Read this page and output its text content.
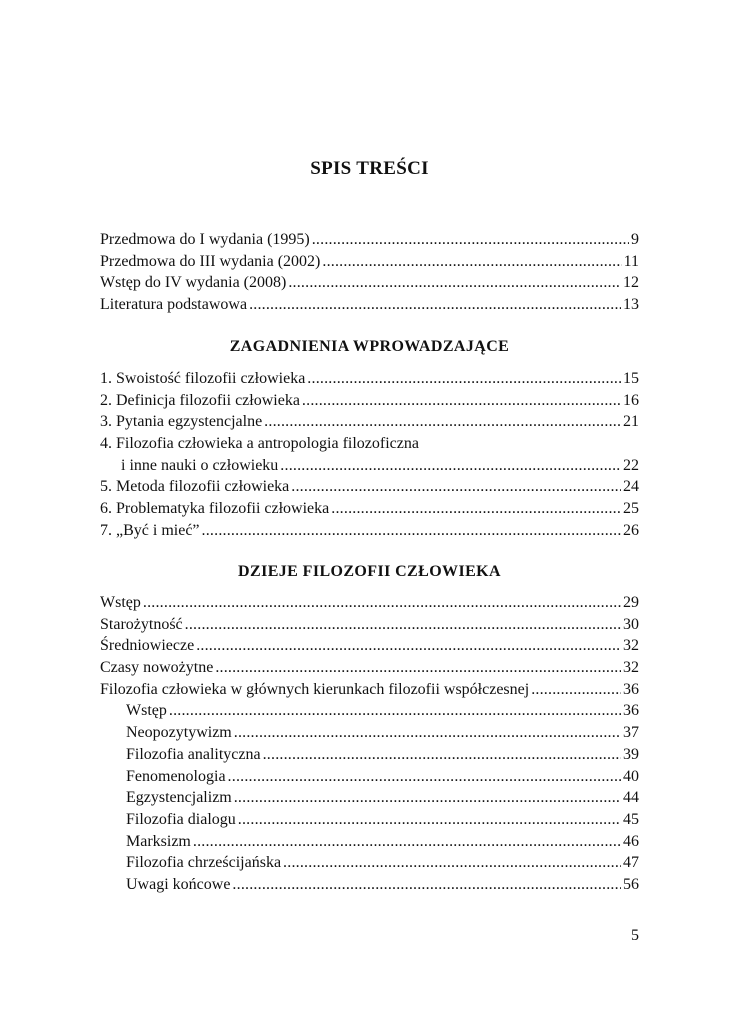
SPIS TREŚCI
Przedmowa do I wydania (1995) .....	9
Przedmowa do III wydania (2002) .....	11
Wstęp do IV wydania (2008) .....	12
Literatura podstawowa .....	13
ZAGADNIENIA WPROWADZAJĄCE
1. Swoistość filozofii człowieka .....	15
2. Definicja filozofii człowieka .....	16
3. Pytania egzystencjalne .....	21
4. Filozofia człowieka a antropologia filozoficzna
i inne nauki o człowieku .....	22
5. Metoda filozofii człowieka .....	24
6. Problematyka filozofii człowieka .....	25
7. „Być i mieć” .....	26
DZIEJE FILOZOFII CZŁOWIEKA
Wstęp .....	29
Starożytność .....	30
Średniowiecze .....	32
Czasy nowożytne .....	32
Filozofia człowieka w głównych kierunkach filozofii współczesnej .....	36
Wstęp .....	36
Neopozytywizm .....	37
Filozofia analityczna .....	39
Fenomenologia .....	40
Egzystencjalizm .....	44
Filozofia dialogu .....	45
Marksizm .....	46
Filozofia chrześcijańska .....	47
Uwagi końcowe .....	56
5
